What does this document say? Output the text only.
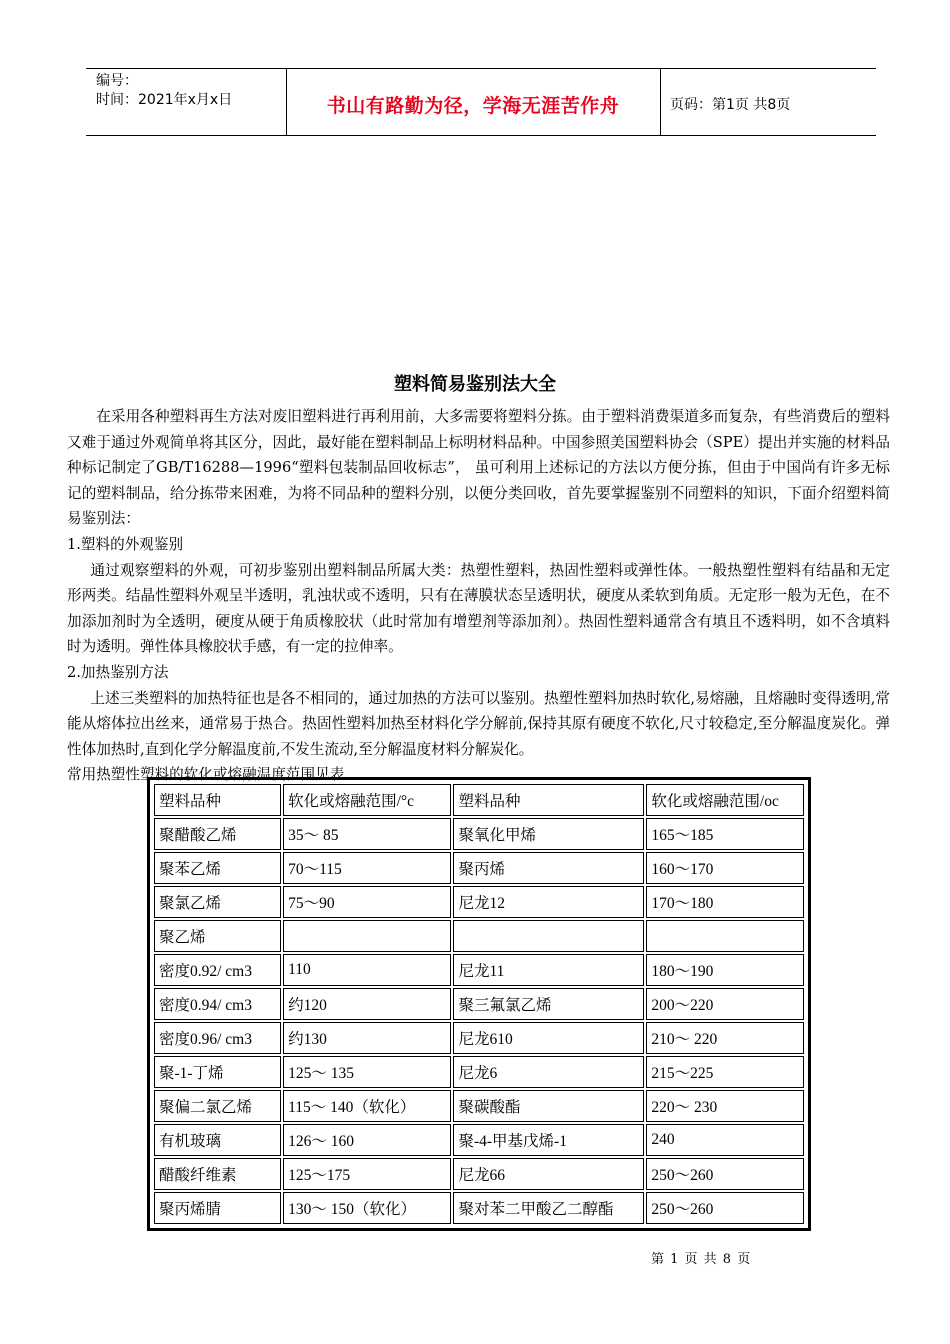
编号：
时间：2021年x月x日	书山有路勤为径，学海无涯苦作舟	页码：第1页 共8页
塑料简易鉴别法大全

在采用各种塑料再生方法对废旧塑料进行再利用前，大多需要将塑料分拣。由于塑料消费渠道多而复杂，有些消费后的塑料又难于通过外观简单将其区分，因此，最好能在塑料制品上标明材料品种。中国参照美国塑料协会（SPE）提出并实施的材料品种标记制定了GB/T16288—1996“塑料包装制品回收标志”， 虽可利用上述标记的方法以方便分拣，但由于中国尚有许多无标记的塑料制品，给分拣带来困难，为将不同品种的塑料分别，以便分类回收，首先要掌握鉴别不同塑料的知识，下面介绍塑料简易鉴别法：

1.塑料的外观鉴别

通过观察塑料的外观，可初步鉴别出塑料制品所属大类：热塑性塑料，热固性塑料或弹性体。一般热塑性塑料有结晶和无定形两类。结晶性塑料外观呈半透明，乳浊状或不透明，只有在薄膜状态呈透明状，硬度从柔软到角质。无定形一般为无色，在不加添加剂时为全透明，硬度从硬于角质橡胶状（此时常加有增塑剂等添加剂）。热固性塑料通常含有填且不透料明，如不含填料时为透明。弹性体具橡胶状手感，有一定的拉伸率。

2.加热鉴别方法

上述三类塑料的加热特征也是各不相同的，通过加热的方法可以鉴别。热塑性塑料加热时软化,易熔融，且熔融时变得透明,常能从熔体拉出丝来，通常易于热合。热固性塑料加热至材料化学分解前,保持其原有硬度不软化,尺寸较稳定,至分解温度炭化。弹性体加热时,直到化学分解温度前,不发生流动,至分解温度材料分解炭化。

常用热塑性塑料的软化或熔融温度范围见表

塑料品种	软化或熔融范围/°c	塑料品种	软化或熔融范围/oc
聚醋酸乙烯	35～ 85	聚氧化甲烯	165～185
聚苯乙烯	70～115	聚丙烯	160～170
聚氯乙烯	75～90	尼龙12	170～180
聚乙烯			
密度0.92/ cm3	110	尼龙11	180～190
密度0.94/ cm3	约120	聚三氟氯乙烯	200～220
密度0.96/ cm3	约130	尼龙610	210～ 220
聚-1-丁烯	125～ 135	尼龙6	215～225
聚偏二氯乙烯	115～ 140（软化）	聚碳酸酯	220～ 230
有机玻璃	126～ 160	聚-4-甲基戊烯-1	240
醋酸纤维素	125～175	尼龙66	250～260
聚丙烯腈	130～ 150（软化）	聚对苯二甲酸乙二醇酯	250～260
第 1 页 共 8 页
